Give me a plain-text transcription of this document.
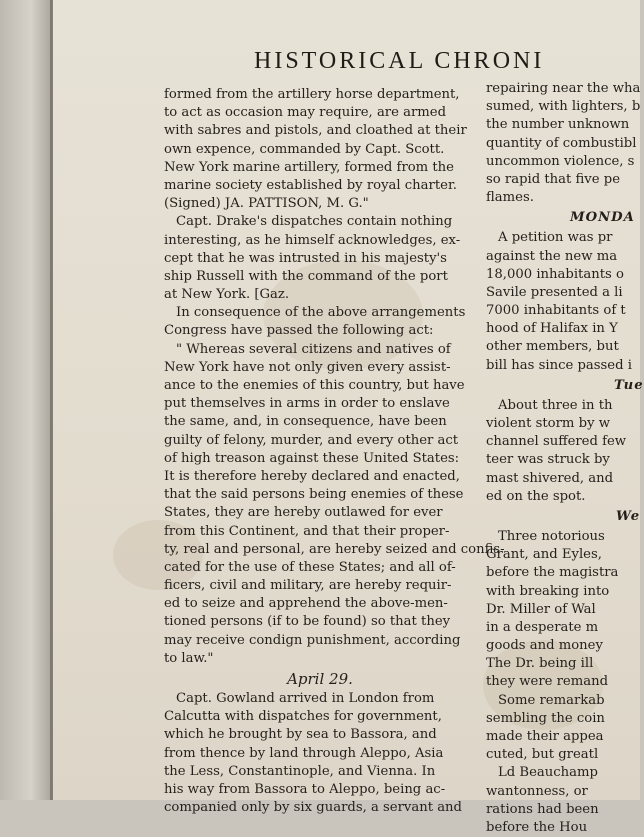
HISTORICAL CHRONI
formed from the artillery horse department,
to act as occasion may require, are armed
with sabres and pistols, and cloathed at their
own expence, commanded by Capt. Scott.
New York marine artillery, formed from the
marine society established by royal charter.
(Signed) JA. PATTISON, M. G."
Capt. Drake's dispatches contain nothing
interesting, as he himself acknowledges, ex-
cept that he was intrusted in his majesty's
ship Russell with the command of the port
at New York. [Gaz.
In consequence of the above arrangements
Congress have passed the following act:
" Whereas several citizens and natives of
New York have not only given every assist-
ance to the enemies of this country, but have
put themselves in arms in order to enslave
the same, and, in consequence, have been
guilty of felony, murder, and every other act
of high treason against these United States:
It is therefore hereby declared and enacted,
that the said persons being enemies of these
States, they are hereby outlawed for ever
from this Continent, and that their proper-
ty, real and personal, are hereby seized and confis-
cated for the use of these States; and all of-
ficers, civil and military, are hereby requir-
ed to seize and apprehend the above-men-
tioned persons (if to be found) so that they
may receive condign punishment, according
to law."
April 29.
Capt. Gowland arrived in London from
Calcutta with dispatches for government,
which he brought by sea to Bassora, and
from thence by land through Aleppo, Asia
the Less, Constantinople, and Vienna. In
his way from Bassora to Aleppo, being ac-
companied only by six guards, a servant and
repairing near the wha
sumed, with lighters, b
the number unknown
quantity of combustibl
uncommon violence, s
so rapid that five pe
flames.
MONDA
A petition was pr
against the new ma
18,000 inhabitants o
Savile presented a li
7000 inhabitants of t
hood of Halifax in Y
other members, but
bill has since passed i
Tue
About three in th
violent storm by w
channel suffered few
teer was struck by
mast shivered, and
ed on the spot.
We
Three notorious
Grant, and Eyles,
before the magistra
with breaking into
Dr. Miller of Wal
in a desperate m
goods and money
The Dr. being ill
they were remand
Some remarkab
sembling the coin
made their appea
cuted, but greatl
Ld Beauchamp
wantonness, or
rations had been
before the Hou
